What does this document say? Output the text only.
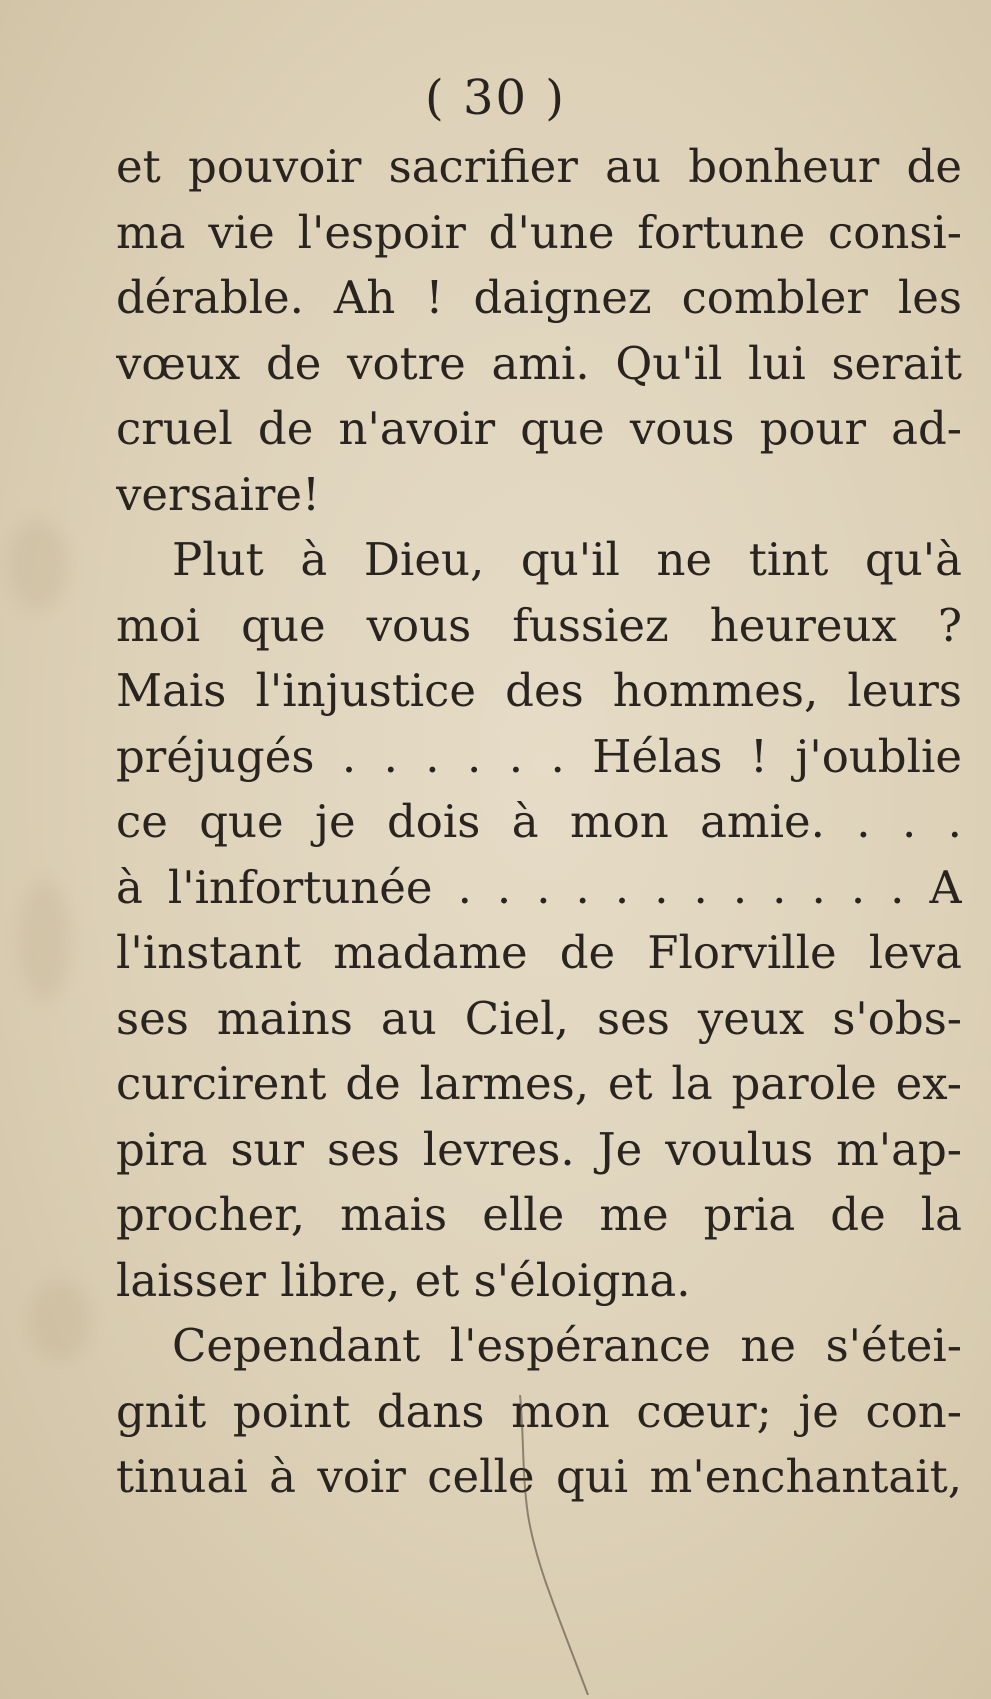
( 30 )
et pouvoir sacrifier au bonheur de
ma vie l'espoir d'une fortune consi-
dérable. Ah ! daignez combler les
vœux de votre ami. Qu'il lui serait
cruel de n'avoir que vous pour ad-
versaire!
Plut à Dieu, qu'il ne tint qu'à
moi que vous fussiez heureux ?
Mais l'injustice des hommes, leurs
préjugés . . . . . . Hélas ! j'oublie
ce que je dois à mon amie. . . .
à l'infortunée . . . . . . . . . . . . A
l'instant madame de Florville leva
ses mains au Ciel, ses yeux s'obs-
curcirent de larmes, et la parole ex-
pira sur ses levres. Je voulus m'ap-
procher, mais elle me pria de la
laisser libre, et s'éloigna.
Cependant l'espérance ne s'étei-
gnit point dans mon cœur; je con-
tinuai à voir celle qui m'enchantait,
